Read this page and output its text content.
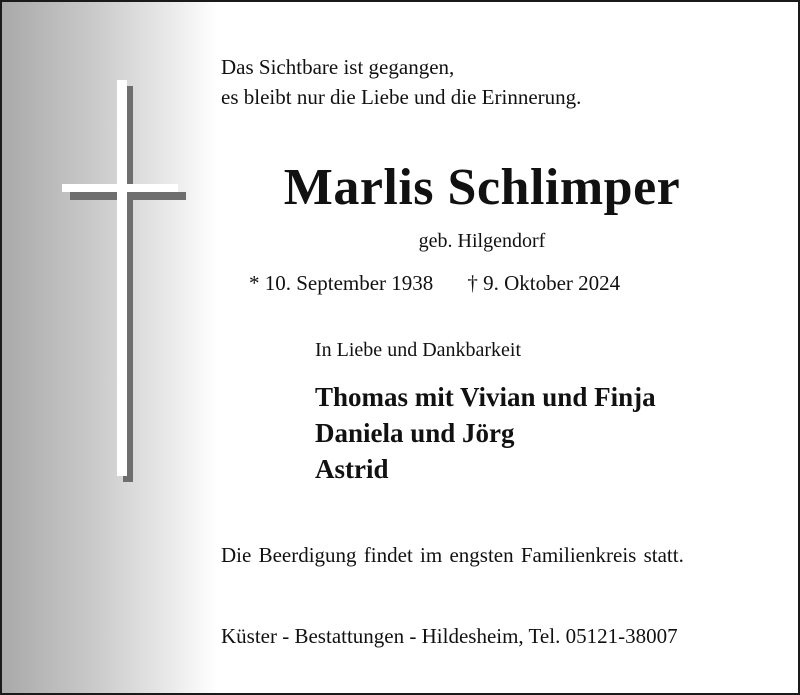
Das Sichtbare ist gegangen,
es bleibt nur die Liebe und die Erinnerung.
Marlis Schlimper
geb. Hilgendorf
* 10. September 1938 † 9. Oktober 2024
In Liebe und Dankbarkeit
Thomas mit Vivian und Finja
Daniela und Jörg
Astrid
Die Beerdigung findet im engsten Familienkreis statt.
Küster - Bestattungen - Hildesheim, Tel. 05121-38007
